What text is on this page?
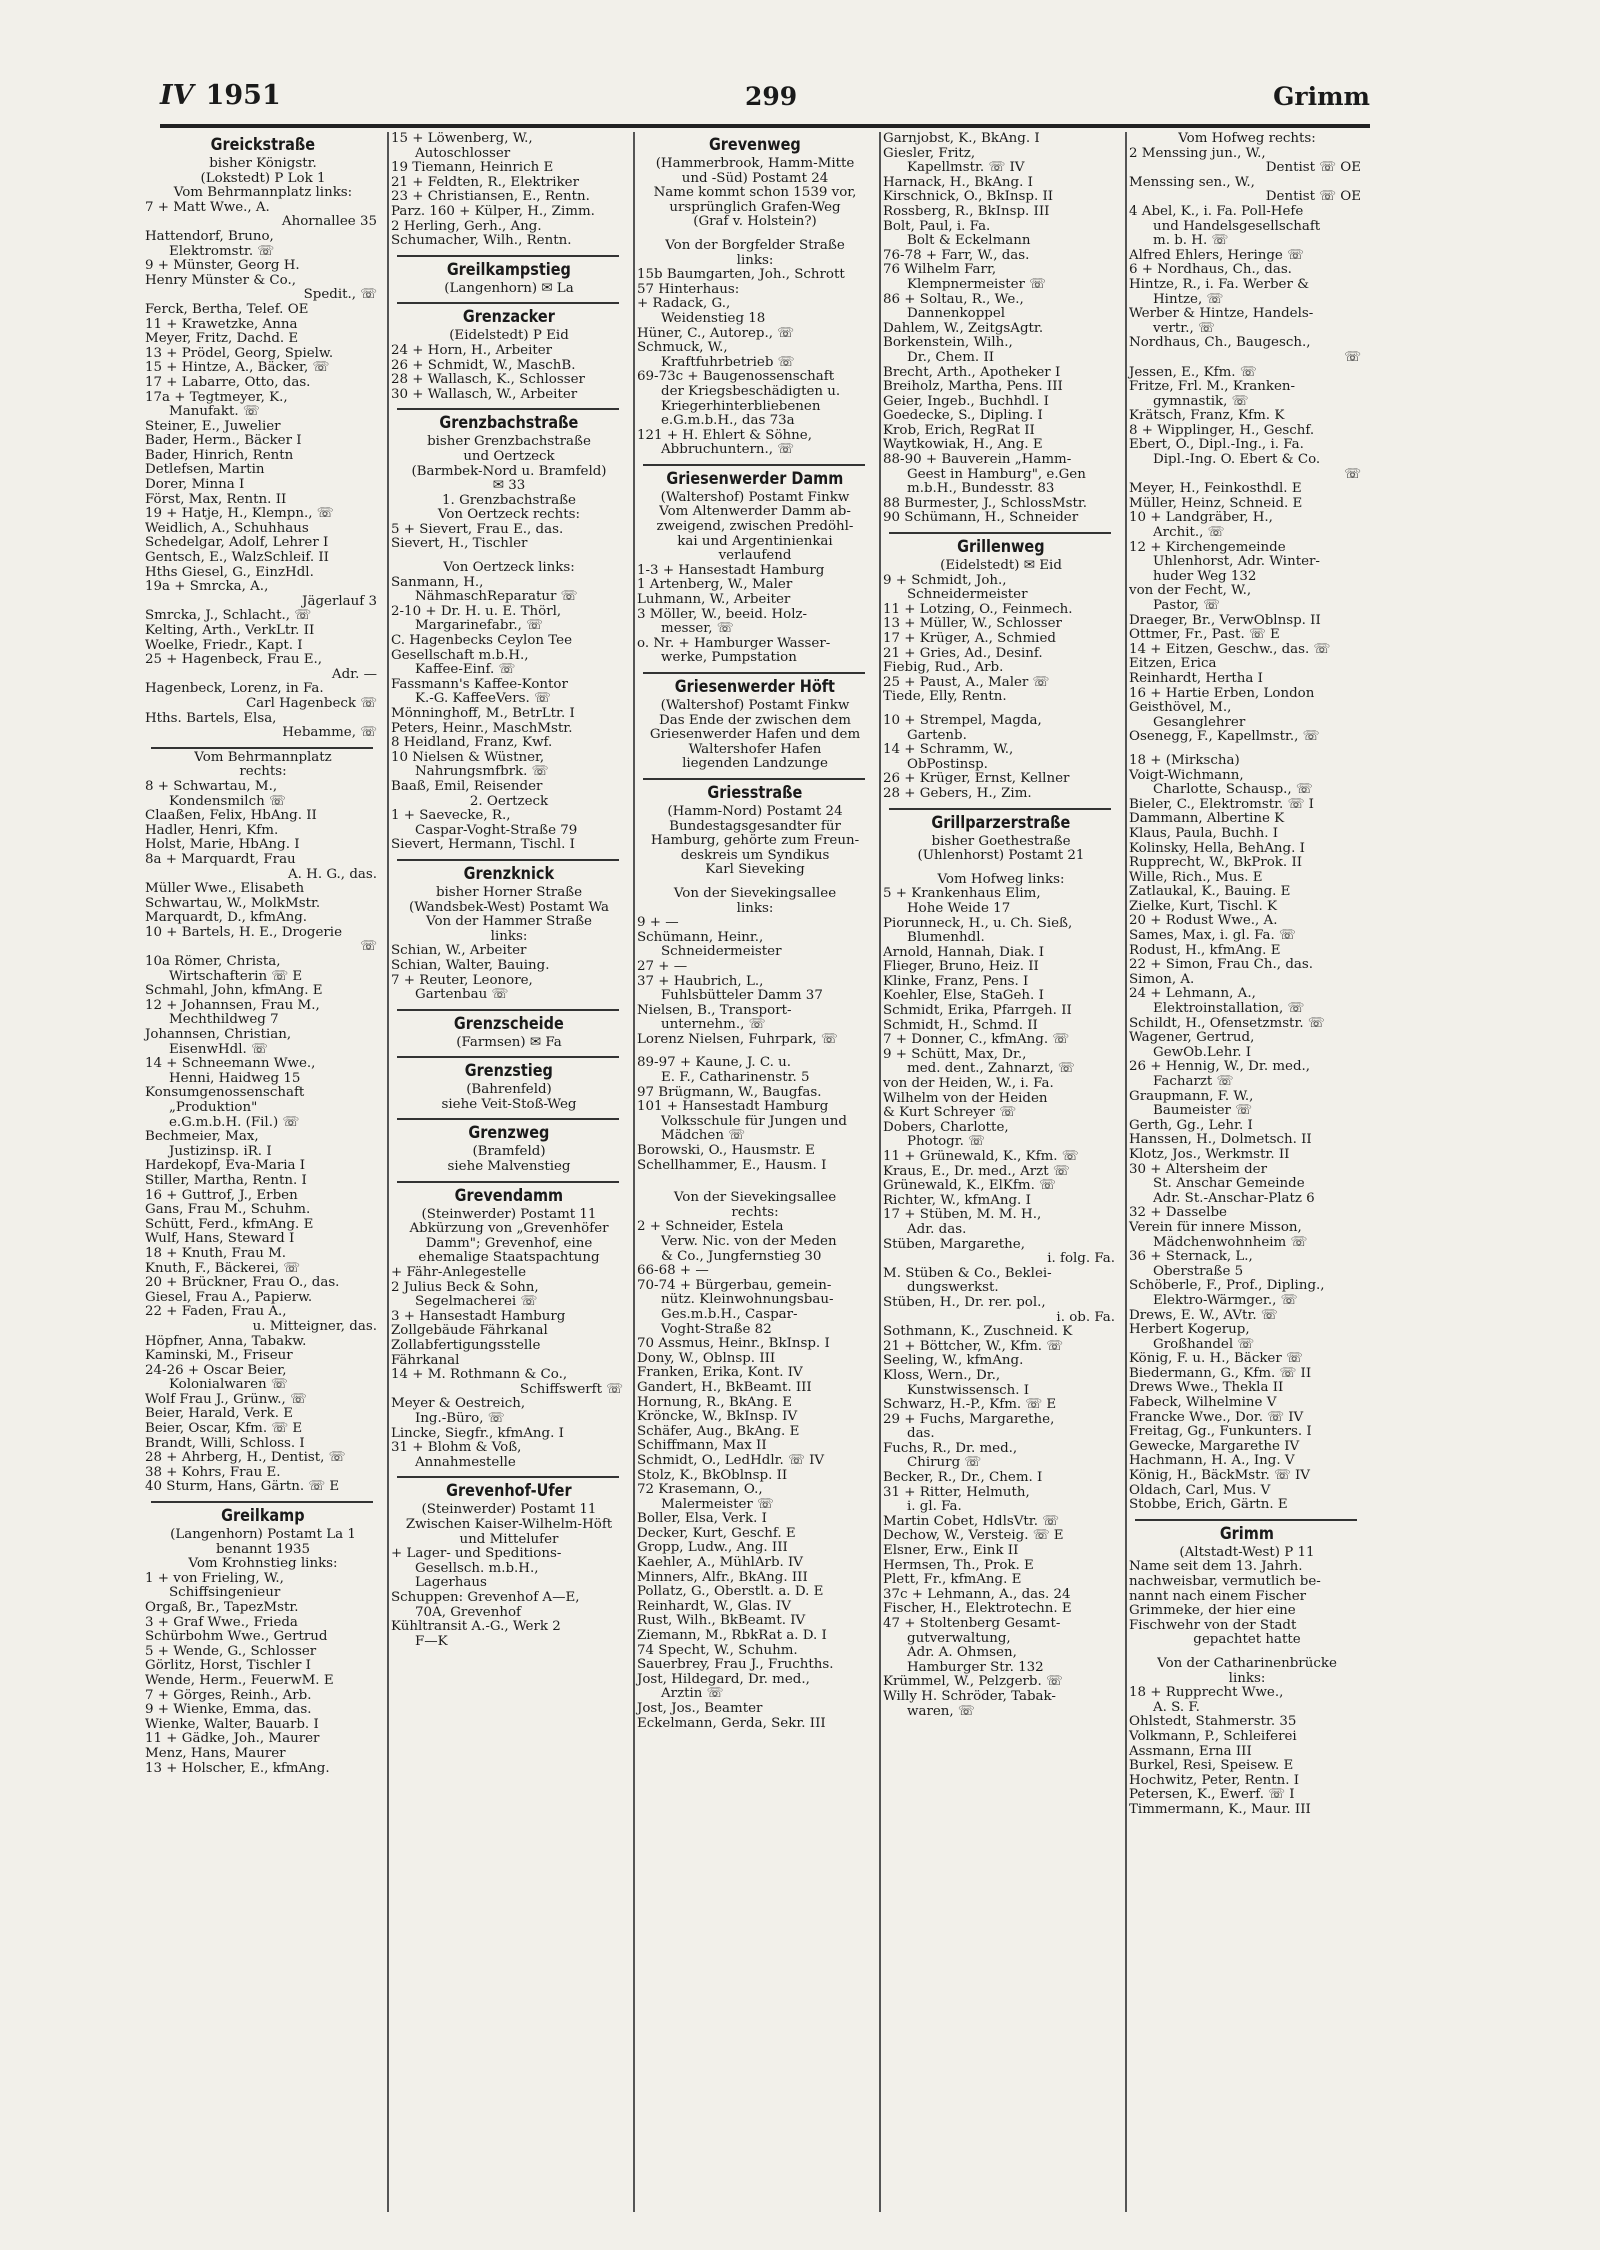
IV 1951	299	Grimm
Greickstraße
bisher Königstr.
(Lokstedt) P Lok 1
Vom Behrmannplatz links:
7 + Matt Wwe., A.
Ahornallee 35
Hattendorf, Bruno,
Elektromstr. ☏
9 + Münster, Georg H.
Henry Münster & Co.,
Spedit., ☏
Ferck, Bertha, Telef. OE
11 + Krawetzke, Anna
Meyer, Fritz, Dachd. E
13 + Prödel, Georg, Spielw.
15 + Hintze, A., Bäcker, ☏
17 + Labarre, Otto, das.
17a + Tegtmeyer, K.,
Manufakt. ☏
Steiner, E., Juwelier
Bader, Herm., Bäcker I
Bader, Hinrich, Rentn
Detlefsen, Martin
Dorer, Minna I
Först, Max, Rentn. II
19 + Hatje, H., Klempn., ☏
Weidlich, A., Schuhhaus
Schedelgar, Adolf, Lehrer I
Gentsch, E., WalzSchleif. II
Hths Giesel, G., EinzHdl.
19a + Smrcka, A.,
Jägerlauf 3
Smrcka, J., Schlacht., ☏
Kelting, Arth., VerkLtr. II
Woelke, Friedr., Kapt. I
25 + Hagenbeck, Frau E.,
Adr. —
Hagenbeck, Lorenz, in Fa.
Carl Hagenbeck ☏
Hths. Bartels, Elsa,
Hebamme, ☏
Vom Behrmannplatz
rechts:
8 + Schwartau, M.,
Kondensmilch ☏
Claaßen, Felix, HbAng. II
Hadler, Henri, Kfm.
Holst, Marie, HbAng. I
8a + Marquardt, Frau
A. H. G., das.
Müller Wwe., Elisabeth
Schwartau, W., MolkMstr.
Marquardt, D., kfmAng.
10 + Bartels, H. E., Drogerie
☏
10a Römer, Christa,
Wirtschafterin ☏ E
Schmahl, John, kfmAng. E
12 + Johannsen, Frau M.,
Mechthildweg 7
Johannsen, Christian,
EisenwHdl. ☏
14 + Schneemann Wwe.,
Henni, Haidweg 15
Konsumgenossenschaft
„Produktion"
e.G.m.b.H. (Fil.) ☏
Bechmeier, Max,
Justizinsp. iR. I
Hardekopf, Eva-Maria I
Stiller, Martha, Rentn. I
16 + Guttrof, J., Erben
Gans, Frau M., Schuhm.
Schütt, Ferd., kfmAng. E
Wulf, Hans, Steward I
18 + Knuth, Frau M.
Knuth, F., Bäckerei, ☏
20 + Brückner, Frau O., das.
Giesel, Frau A., Papierw.
22 + Faden, Frau A.,
u. Mitteigner, das.
Höpfner, Anna, Tabakw.
Kaminski, M., Friseur
24-26 + Oscar Beier,
Kolonialwaren ☏
Wolf Frau J., Grünw., ☏
Beier, Harald, Verk. E
Beier, Oscar, Kfm. ☏ E
Brandt, Willi, Schloss. I
28 + Ahrberg, H., Dentist, ☏
38 + Kohrs, Frau E.
40 Sturm, Hans, Gärtn. ☏ E
Greilkamp
(Langenhorn) Postamt La 1
benannt 1935
Vom Krohnstieg links:
1 + von Frieling, W.,
Schiffsingenieur
Orgaß, Br., TapezMstr.
3 + Graf Wwe., Frieda
Schürbohm Wwe., Gertrud
5 + Wende, G., Schlosser
Görlitz, Horst, Tischler I
Wende, Herm., FeuerwM. E
7 + Görges, Reinh., Arb.
9 + Wienke, Emma, das.
Wienke, Walter, Bauarb. I
11 + Gädke, Joh., Maurer
Menz, Hans, Maurer
13 + Holscher, E., kfmAng.
15 + Löwenberg, W.,
Autoschlosser
19 Tiemann, Heinrich E
21 + Feldten, R., Elektriker
23 + Christiansen, E., Rentn.
Parz. 160 + Külper, H., Zimm.
2 Herling, Gerh., Ang.
Schumacher, Wilh., Rentn.
Greilkampstieg
(Langenhorn) ✉ La
Grenzacker
(Eidelstedt) P Eid
24 + Horn, H., Arbeiter
26 + Schmidt, W., MaschB.
28 + Wallasch, K., Schlosser
30 + Wallasch, W., Arbeiter
Grenzbachstraße
bisher Grenzbachstraße
und Oertzeck
(Barmbek-Nord u. Bramfeld)
✉ 33
1. Grenzbachstraße
Von Oertzeck rechts:
5 + Sievert, Frau E., das.
Sievert, H., Tischler
Von Oertzeck links:
Sanmann, H.,
NähmaschReparatur ☏
2-10 + Dr. H. u. E. Thörl,
Margarinefabr., ☏
C. Hagenbecks Ceylon Tee
Gesellschaft m.b.H.,
Kaffee-Einf. ☏
Fassmann's Kaffee-Kontor
K.-G. KaffeeVers. ☏
Mönninghoff, M., BetrLtr. I
Peters, Heinr., MaschMstr.
8 Heidland, Franz, Kwf.
10 Nielsen & Wüstner,
Nahrungsmfbrk. ☏
Baaß, Emil, Reisender
2. Oertzeck
1 + Saevecke, R.,
Caspar-Voght-Straße 79
Sievert, Hermann, Tischl. I
Grenzknick
bisher Horner Straße
(Wandsbek-West) Postamt Wa
Von der Hammer Straße
links:
Schian, W., Arbeiter
Schian, Walter, Bauing.
7 + Reuter, Leonore,
Gartenbau ☏
Grenzscheide
(Farmsen) ✉ Fa
Grenzstieg
(Bahrenfeld)
siehe Veit-Stoß-Weg
Grenzweg
(Bramfeld)
siehe Malvenstieg
Grevendamm
(Steinwerder) Postamt 11
Abkürzung von „Grevenhöfer
Damm"; Grevenhof, eine
ehemalige Staatspachtung
+ Fähr-Anlegestelle
2 Julius Beck & Sohn,
Segelmacherei ☏
3 + Hansestadt Hamburg
Zollgebäude Fährkanal
Zollabfertigungsstelle
Fährkanal
14 + M. Rothmann & Co.,
Schiffswerft ☏
Meyer & Oestreich,
Ing.-Büro, ☏
Lincke, Siegfr., kfmAng. I
31 + Blohm & Voß,
Annahmestelle
Grevenhof-Ufer
(Steinwerder) Postamt 11
Zwischen Kaiser-Wilhelm-Höft
und Mittelufer
+ Lager- und Speditions-
Gesellsch. m.b.H.,
Lagerhaus
Schuppen: Grevenhof A—E,
70A, Grevenhof
Kühltransit A.-G., Werk 2
F—K
Grevenweg
(Hammerbrook, Hamm-Mitte
und -Süd) Postamt 24
Name kommt schon 1539 vor,
ursprünglich Grafen-Weg
(Graf v. Holstein?)
Von der Borgfelder Straße
links:
15b Baumgarten, Joh., Schrott
57 Hinterhaus:
+ Radack, G.,
Weidenstieg 18
Hüner, C., Autorep., ☏
Schmuck, W.,
Kraftfuhrbetrieb ☏
69-73c + Baugenossenschaft
der Kriegsbeschädigten u.
Kriegerhinterbliebenen
e.G.m.b.H., das 73a
121 + H. Ehlert & Söhne,
Abbruchuntern., ☏
Griesenwerder Damm
(Waltershof) Postamt Finkw
Vom Altenwerder Damm ab-
zweigend, zwischen Predöhl-
kai und Argentinienkai
verlaufend
1-3 + Hansestadt Hamburg
1 Artenberg, W., Maler
Luhmann, W., Arbeiter
3 Möller, W., beeid. Holz-
messer, ☏
o. Nr. + Hamburger Wasser-
werke, Pumpstation
Griesenwerder Höft
(Waltershof) Postamt Finkw
Das Ende der zwischen dem
Griesenwerder Hafen und dem
Waltershofer Hafen
liegenden Landzunge
Griesstraße
(Hamm-Nord) Postamt 24
Bundestagsgesandter für
Hamburg, gehörte zum Freun-
deskreis um Syndikus
Karl Sieveking
Von der Sievekingsallee
links:
9 + —
Schümann, Heinr.,
Schneidermeister
27 + —
37 + Haubrich, L.,
Fuhlsbütteler Damm 37
Nielsen, B., Transport-
unternehm., ☏
Lorenz Nielsen, Fuhrpark, ☏
89-97 + Kaune, J. C. u.
E. F., Catharinenstr. 5
97 Brügmann, W., Baugfas.
101 + Hansestadt Hamburg
Volksschule für Jungen und
Mädchen ☏
Borowski, O., Hausmstr. E
Schellhammer, E., Hausm. I
Von der Sievekingsallee
rechts:
2 + Schneider, Estela
Verw. Nic. von der Meden
& Co., Jungfernstieg 30
66-68 + —
70-74 + Bürgerbau, gemein-
nütz. Kleinwohnungsbau-
Ges.m.b.H., Caspar-
Voght-Straße 82
70 Assmus, Heinr., BkInsp. I
Dony, W., Oblnsp. III
Franken, Erika, Kont. IV
Gandert, H., BkBeamt. III
Hornung, R., BkAng. E
Kröncke, W., BkInsp. IV
Schäfer, Aug., BkAng. E
Schiffmann, Max II
Schmidt, O., LedHdlr. ☏ IV
Stolz, K., BkOblnsp. II
72 Krasemann, O.,
Malermeister ☏
Boller, Elsa, Verk. I
Decker, Kurt, Geschf. E
Gropp, Ludw., Ang. III
Kaehler, A., MühlArb. IV
Minners, Alfr., BkAng. III
Pollatz, G., Oberstlt. a. D. E
Reinhardt, W., Glas. IV
Rust, Wilh., BkBeamt. IV
Ziemann, M., RbkRat a. D. I
74 Specht, W., Schuhm.
Sauerbrey, Frau J., Fruchths.
Jost, Hildegard, Dr. med.,
Ärztin ☏
Jost, Jos., Beamter
Eckelmann, Gerda, Sekr. III
Garnjobst, K., BkAng. I
Giesler, Fritz,
Kapellmstr. ☏ IV
Harnack, H., BkAng. I
Kirschnick, O., BkInsp. II
Rossberg, R., BkInsp. III
Bolt, Paul, i. Fa.
Bolt & Eckelmann
76-78 + Farr, W., das.
76 Wilhelm Farr,
Klempnermeister ☏
86 + Soltau, R., We.,
Dannenkoppel
Dahlem, W., ZeitgsAgtr.
Borkenstein, Wilh.,
Dr., Chem. II
Brecht, Arth., Apotheker I
Breiholz, Martha, Pens. III
Geier, Ingeb., Buchhdl. I
Goedecke, S., Dipling. I
Krob, Erich, RegRat II
Waytkowiak, H., Ang. E
88-90 + Bauverein „Hamm-
Geest in Hamburg", e.Gen
m.b.H., Bundesstr. 83
88 Burmester, J., SchlossMstr.
90 Schümann, H., Schneider
Grillenweg
(Eidelstedt) ✉ Eid
9 + Schmidt, Joh.,
Schneidermeister
11 + Lotzing, O., Feinmech.
13 + Müller, W., Schlosser
17 + Krüger, A., Schmied
21 + Gries, Ad., Desinf.
Fiebig, Rud., Arb.
25 + Paust, A., Maler ☏
Tiede, Elly, Rentn.
10 + Strempel, Magda,
Gartenb.
14 + Schramm, W.,
ObPostinsp.
26 + Krüger, Ernst, Kellner
28 + Gebers, H., Zim.
Grillparzerstraße
bisher Goethestraße
(Uhlenhorst) Postamt 21
Vom Hofweg links:
5 + Krankenhaus Elim,
Hohe Weide 17
Piorunneck, H., u. Ch. Sieß,
Blumenhdl.
Arnold, Hannah, Diak. I
Flieger, Bruno, Heiz. II
Klinke, Franz, Pens. I
Koehler, Else, StaGeh. I
Schmidt, Erika, Pfarrgeh. II
Schmidt, H., Schmd. II
7 + Donner, C., kfmAng. ☏
9 + Schütt, Max, Dr.,
med. dent., Zahnarzt, ☏
von der Heiden, W., i. Fa.
Wilhelm von der Heiden
& Kurt Schreyer ☏
Dobers, Charlotte,
Photogr. ☏
11 + Grünewald, K., Kfm. ☏
Kraus, E., Dr. med., Arzt ☏
Grünewald, K., ElKfm. ☏
Richter, W., kfmAng. I
17 + Stüben, M. M. H.,
Adr. das.
Stüben, Margarethe,
i. folg. Fa.
M. Stüben & Co., Beklei-
dungswerkst.
Stüben, H., Dr. rer. pol.,
i. ob. Fa.
Sothmann, K., Zuschneid. K
21 + Böttcher, W., Kfm. ☏
Seeling, W., kfmAng.
Kloss, Wern., Dr.,
Kunstwissensch. I
Schwarz, H.-P., Kfm. ☏ E
29 + Fuchs, Margarethe,
das.
Fuchs, R., Dr. med.,
Chirurg ☏
Becker, R., Dr., Chem. I
31 + Ritter, Helmuth,
i. gl. Fa.
Martin Cobet, HdlsVtr. ☏
Dechow, W., Versteig. ☏ E
Elsner, Erw., Eink II
Hermsen, Th., Prok. E
Plett, Fr., kfmAng. E
37c + Lehmann, A., das. 24
Fischer, H., Elektrotechn. E
47 + Stoltenberg Gesamt-
gutverwaltung,
Adr. A. Ohmsen,
Hamburger Str. 132
Krümmel, W., Pelzgerb. ☏
Willy H. Schröder, Tabak-
waren, ☏
Vom Hofweg rechts:
2 Menssing jun., W.,
Dentist ☏ OE
Menssing sen., W.,
Dentist ☏ OE
4 Abel, K., i. Fa. Poll-Hefe
und Handelsgesellschaft
m. b. H. ☏
Alfred Ehlers, Heringe ☏
6 + Nordhaus, Ch., das.
Hintze, R., i. Fa. Werber &
Hintze, ☏
Werber & Hintze, Handels-
vertr., ☏
Nordhaus, Ch., Baugesch.,
☏
Jessen, E., Kfm. ☏
Fritze, Frl. M., Kranken-
gymnastik, ☏
Krätsch, Franz, Kfm. K
8 + Wipplinger, H., Geschf.
Ebert, O., Dipl.-Ing., i. Fa.
Dipl.-Ing. O. Ebert & Co.
☏
Meyer, H., Feinkosthdl. E
Müller, Heinz, Schneid. E
10 + Landgräber, H.,
Archit., ☏
12 + Kirchengemeinde
Uhlenhorst, Adr. Winter-
huder Weg 132
von der Fecht, W.,
Pastor, ☏
Draeger, Br., VerwOblnsp. II
Ottmer, Fr., Past. ☏ E
14 + Eitzen, Geschw., das. ☏
Eitzen, Erica
Reinhardt, Hertha I
16 + Hartie Erben, London
Geisthövel, M.,
Gesanglehrer
Osenegg, F., Kapellmstr., ☏
18 + (Mirkscha)
Voigt-Wichmann,
Charlotte, Schausp., ☏
Bieler, C., Elektromstr. ☏ I
Dammann, Albertine K
Klaus, Paula, Buchh. I
Kolinsky, Hella, BehAng. I
Rupprecht, W., BkProk. II
Wille, Rich., Mus. E
Zatlaukal, K., Bauing. E
Zielke, Kurt, Tischl. K
20 + Rodust Wwe., A.
Sames, Max, i. gl. Fa. ☏
Rodust, H., kfmAng. E
22 + Simon, Frau Ch., das.
Simon, A.
24 + Lehmann, A.,
Elektroinstallation, ☏
Schildt, H., Ofensetzmstr. ☏
Wagener, Gertrud,
GewOb.Lehr. I
26 + Hennig, W., Dr. med.,
Facharzt ☏
Graupmann, F. W.,
Baumeister ☏
Gerth, Gg., Lehr. I
Hanssen, H., Dolmetsch. II
Klotz, Jos., Werkmstr. II
30 + Altersheim der
St. Anschar Gemeinde
Adr. St.-Anschar-Platz 6
32 + Dasselbe
Verein für innere Misson,
Mädchenwohnheim ☏
36 + Sternack, L.,
Oberstraße 5
Schöberle, F., Prof., Dipling.,
Elektro-Wärmger., ☏
Drews, E. W., AVtr. ☏
Herbert Kogerup,
Großhandel ☏
König, F. u. H., Bäcker ☏
Biedermann, G., Kfm. ☏ II
Drews Wwe., Thekla II
Fabeck, Wilhelmine V
Francke Wwe., Dor. ☏ IV
Freitag, Gg., Funkunters. I
Gewecke, Margarethe IV
Hachmann, H. A., Ing. V
König, H., BäckMstr. ☏ IV
Oldach, Carl, Mus. V
Stobbe, Erich, Gärtn. E
Grimm
(Altstadt-West) P 11
Name seit dem 13. Jahrh.
nachweisbar, vermutlich be-
nannt nach einem Fischer
Grimmeke, der hier eine
Fischwehr von der Stadt
gepachtet hatte
Von der Catharinenbrücke
links:
18 + Rupprecht Wwe.,
A. S. F.
Ohlstedt, Stahmerstr. 35
Volkmann, P., Schleiferei
Assmann, Erna III
Burkel, Resi, Speisew. E
Hochwitz, Peter, Rentn. I
Petersen, K., Ewerf. ☏ I
Timmermann, K., Maur. III
